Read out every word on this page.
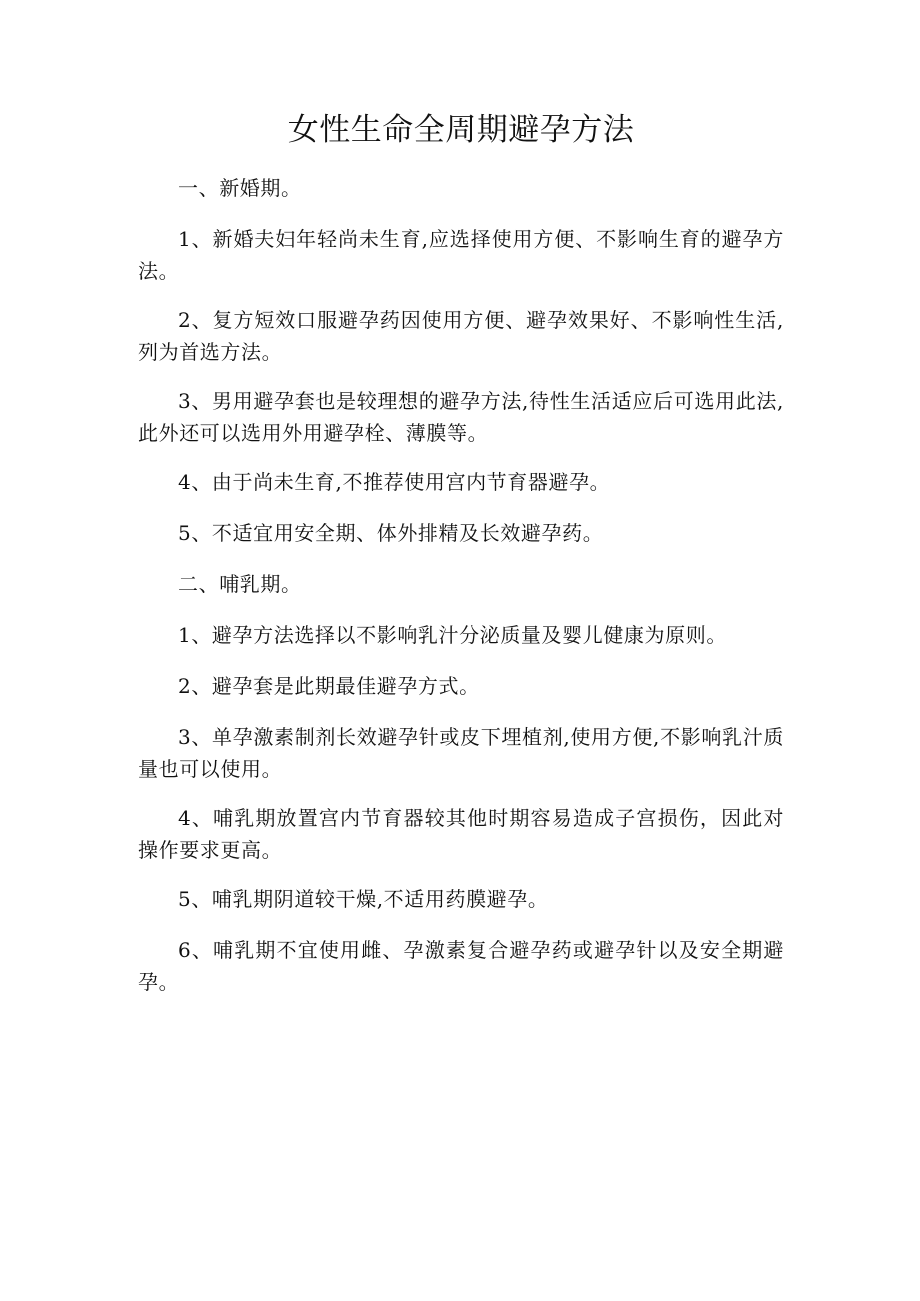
女性生命全周期避孕方法

一、新婚期。

1、新婚夫妇年轻尚未生育,应选择使用方便、不影响生育的避孕方法。

2、复方短效口服避孕药因使用方便、避孕效果好、不影响性生活,列为首选方法。

3、男用避孕套也是较理想的避孕方法,待性生活适应后可选用此法,此外还可以选用外用避孕栓、薄膜等。

4、由于尚未生育,不推荐使用宫内节育器避孕。

5、不适宜用安全期、体外排精及长效避孕药。

二、哺乳期。

1、避孕方法选择以不影响乳汁分泌质量及婴儿健康为原则。

2、避孕套是此期最佳避孕方式。

3、单孕激素制剂长效避孕针或皮下埋植剂,使用方便,不影响乳汁质量也可以使用。

4、哺乳期放置宫内节育器较其他时期容易造成子宫损伤，因此对操作要求更高。

5、哺乳期阴道较干燥,不适用药膜避孕。

6、哺乳期不宜使用雌、孕激素复合避孕药或避孕针以及安全期避孕。
